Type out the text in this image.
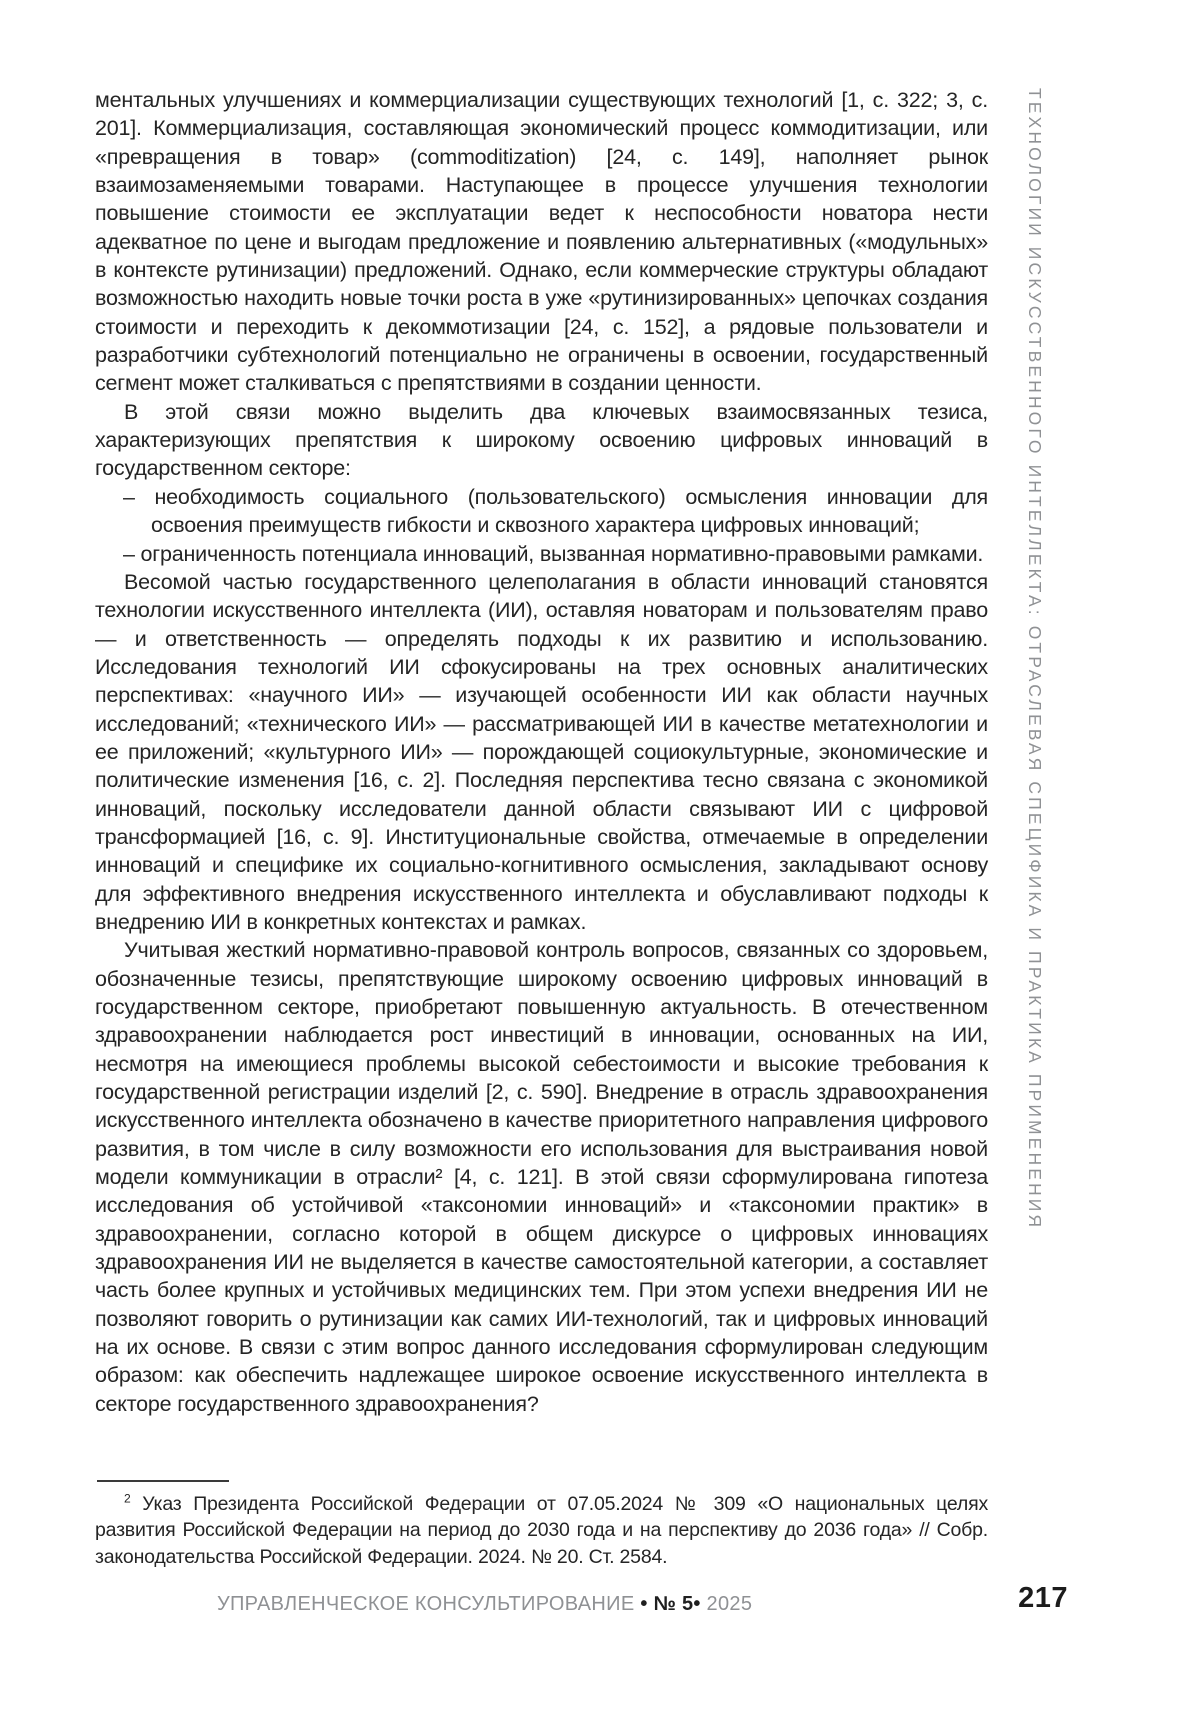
ментальных улучшениях и коммерциализации существующих технологий [1, с. 322; 3, с. 201]. Коммерциализация, составляющая экономический процесс коммодитизации, или «превращения в товар» (commoditization) [24, с. 149], наполняет рынок взаимозаменяемыми товарами. Наступающее в процессе улучшения технологии повышение стоимости ее эксплуатации ведет к неспособности новатора нести адекватное по цене и выгодам предложение и появлению альтернативных («модульных» в контексте рутинизации) предложений. Однако, если коммерческие структуры обладают возможностью находить новые точки роста в уже «рутинизированных» цепочках создания стоимости и переходить к декоммотизации [24, с. 152], а рядовые пользователи и разработчики субтехнологий потенциально не ограничены в освоении, государственный сегмент может сталкиваться с препятствиями в создании ценности.

В этой связи можно выделить два ключевых взаимосвязанных тезиса, характеризующих препятствия к широкому освоению цифровых инноваций в государственном секторе:

– необходимость социального (пользовательского) осмысления инновации для освоения преимуществ гибкости и сквозного характера цифровых инноваций;
– ограниченность потенциала инноваций, вызванная нормативно-правовыми рамками.

Весомой частью государственного целеполагания в области инноваций становятся технологии искусственного интеллекта (ИИ), оставляя новаторам и пользователям право — и ответственность — определять подходы к их развитию и использованию. Исследования технологий ИИ сфокусированы на трех основных аналитических перспективах: «научного ИИ» — изучающей особенности ИИ как области научных исследований; «технического ИИ» — рассматривающей ИИ в качестве метатехнологии и ее приложений; «культурного ИИ» — порождающей социокультурные, экономические и политические изменения [16, с. 2]. Последняя перспектива тесно связана с экономикой инноваций, поскольку исследователи данной области связывают ИИ с цифровой трансформацией [16, с. 9]. Институциональные свойства, отмечаемые в определении инноваций и специфике их социально-когнитивного осмысления, закладывают основу для эффективного внедрения искусственного интеллекта и обуславливают подходы к внедрению ИИ в конкретных контекстах и рамках.

Учитывая жесткий нормативно-правовой контроль вопросов, связанных со здоровьем, обозначенные тезисы, препятствующие широкому освоению цифровых инноваций в государственном секторе, приобретают повышенную актуальность. В отечественном здравоохранении наблюдается рост инвестиций в инновации, основанных на ИИ, несмотря на имеющиеся проблемы высокой себестоимости и высокие требования к государственной регистрации изделий [2, с. 590]. Внедрение в отрасль здравоохранения искусственного интеллекта обозначено в качестве приоритетного направления цифрового развития, в том числе в силу возможности его использования для выстраивания новой модели коммуникации в отрасли² [4, с. 121]. В этой связи сформулирована гипотеза исследования об устойчивой «таксономии инноваций» и «таксономии практик» в здравоохранении, согласно которой в общем дискурсе о цифровых инновациях здравоохранения ИИ не выделяется в качестве самостоятельной категории, а составляет часть более крупных и устойчивых медицинских тем. При этом успехи внедрения ИИ не позволяют говорить о рутинизации как самих ИИ-технологий, так и цифровых инноваций на их основе. В связи с этим вопрос данного исследования сформулирован следующим образом: как обеспечить надлежащее широкое освоение искусственного интеллекта в секторе государственного здравоохранения?

$^2$ Указ Президента Российской Федерации от 07.05.2024 № 309 «О национальных целях развития Российской Федерации на период до 2030 года и на перспективу до 2036 года» // Собр. законодательства Российской Федерации. 2024. № 20. Ст. 2584.

УПРАВЛЕНЧЕСКОЕ КОНСУЛЬТИРОВАНИЕ • № 5• 2025	217
ТЕХНОЛОГИИ ИСКУССТВЕННОГО ИНТЕЛЛЕКТА: ОТРАСЛЕВАЯ СПЕЦИФИКА И ПРАКТИКА ПРИМЕНЕНИЯ
